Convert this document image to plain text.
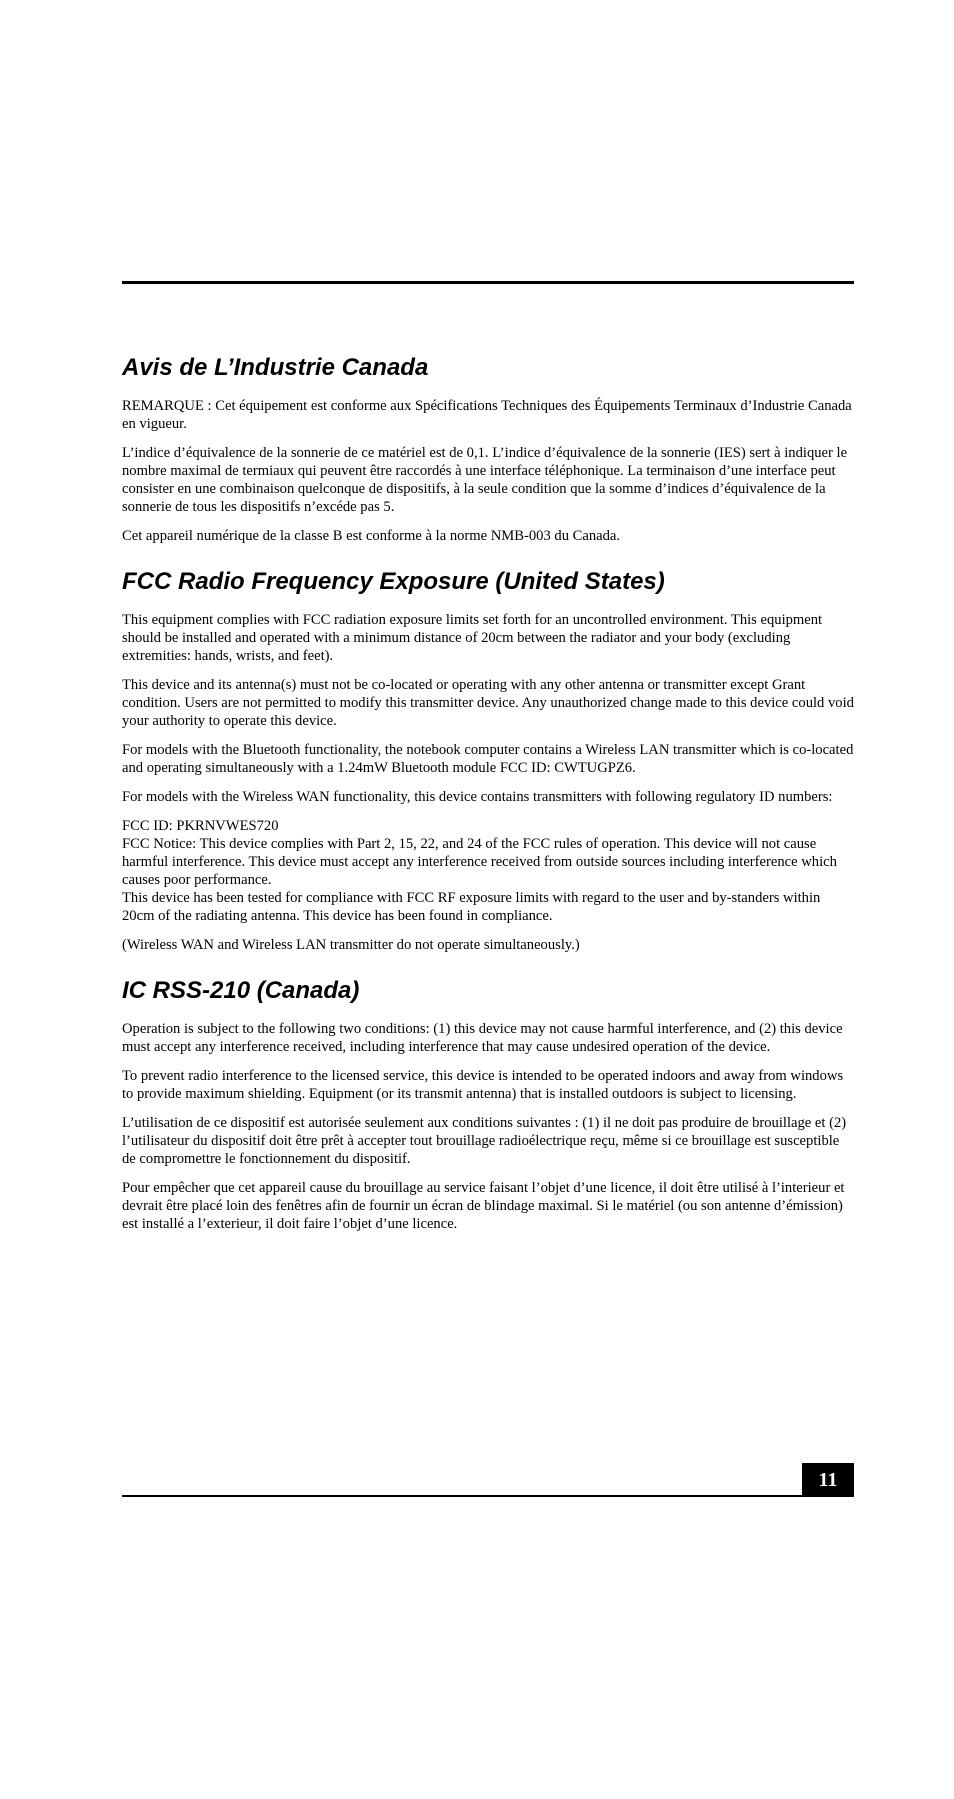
Avis de L’Industrie Canada

REMARQUE : Cet équipement est conforme aux Spécifications Techniques des Équipements Terminaux d’Industrie Canada en vigueur.

L’indice d’équivalence de la sonnerie de ce matériel est de 0,1. L’indice d’équivalence de la sonnerie (IES) sert à indiquer le nombre maximal de termiaux qui peuvent être raccordés à une interface téléphonique. La terminaison d’une interface peut consister en une combinaison quelconque de dispositifs, à la seule condition que la somme d’indices d’équivalence de la sonnerie de tous les dispositifs n’excéde pas 5.

Cet appareil numérique de la classe B est conforme à la norme NMB-003 du Canada.

FCC Radio Frequency Exposure (United States)

This equipment complies with FCC radiation exposure limits set forth for an uncontrolled environment. This equipment should be installed and operated with a minimum distance of 20cm between the radiator and your body (excluding extremities: hands, wrists, and feet).

This device and its antenna(s) must not be co-located or operating with any other antenna or transmitter except Grant condition. Users are not permitted to modify this transmitter device. Any unauthorized change made to this device could void your authority to operate this device.

For models with the Bluetooth functionality, the notebook computer contains a Wireless LAN transmitter which is co-located and operating simultaneously with a 1.24mW Bluetooth module FCC ID: CWTUGPZ6.

For models with the Wireless WAN functionality, this device contains transmitters with following regulatory ID numbers:

FCC ID: PKRNVWES720

FCC Notice: This device complies with Part 2, 15, 22, and 24 of the FCC rules of operation. This device will not cause harmful interference. This device must accept any interference received from outside sources including interference which causes poor performance.

This device has been tested for compliance with FCC RF exposure limits with regard to the user and by-standers within 20cm of the radiating antenna. This device has been found in compliance.

(Wireless WAN and Wireless LAN transmitter do not operate simultaneously.)

IC RSS-210 (Canada)

Operation is subject to the following two conditions: (1) this device may not cause harmful interference, and (2) this device must accept any interference received, including interference that may cause undesired operation of the device.

To prevent radio interference to the licensed service, this device is intended to be operated indoors and away from windows to provide maximum shielding. Equipment (or its transmit antenna) that is installed outdoors is subject to licensing.

L’utilisation de ce dispositif est autorisée seulement aux conditions suivantes : (1) il ne doit pas produire de brouillage et (2) l’utilisateur du dispositif doit être prêt à accepter tout brouillage radioélectrique reçu, même si ce brouillage est susceptible de compromettre le fonctionnement du dispositif.

Pour empêcher que cet appareil cause du brouillage au service faisant l’objet d’une licence, il doit être utilisé à l’interieur et devrait être placé loin des fenêtres afin de fournir un écran de blindage maximal. Si le matériel (ou son antenne d’émission) est installé a l’exterieur, il doit faire l’objet d’une licence.

11
